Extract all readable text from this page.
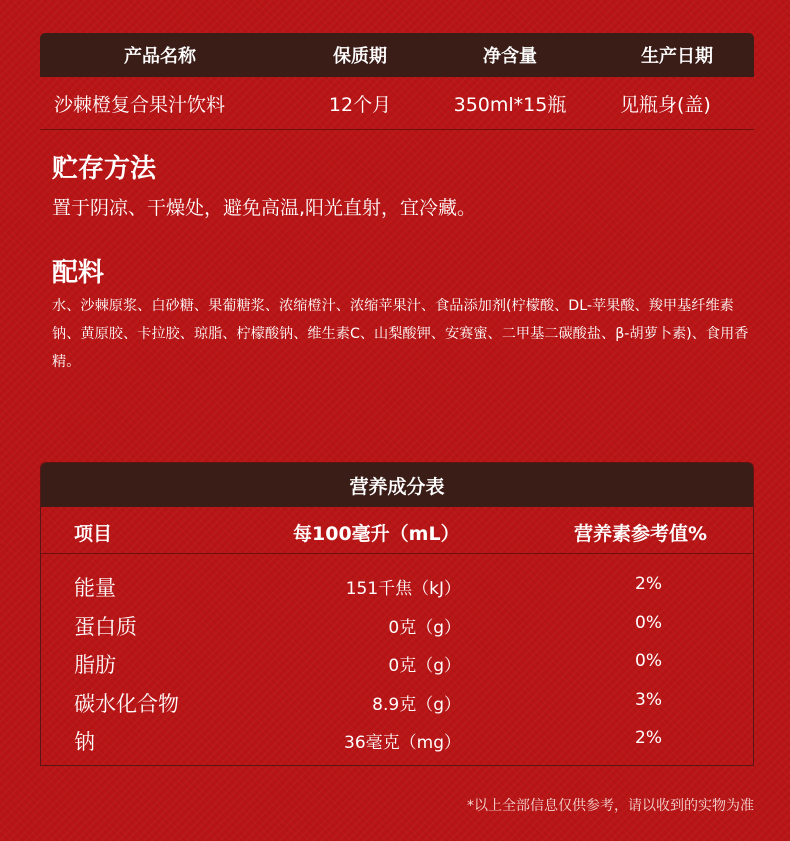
产品名称	保质期	净含量	生产日期
沙棘橙复合果汁饮料	12个月	350ml*15瓶	见瓶身(盖)
贮存方法
置于阴凉、干燥处，避免高温,阳光直射，宜冷藏。
配料
水、沙棘原浆、白砂糖、果葡糖浆、浓缩橙汁、浓缩苹果汁、食品添加剂(柠檬酸、DL-苹果酸、羧甲基纤维素钠、黄原胶、卡拉胶、琼脂、柠檬酸钠、维生素C、山梨酸钾、安赛蜜、二甲基二碳酸盐、β-胡萝卜素)、食用香精。
营养成分表
项目	每100毫升（mL）	营养素参考值%
能量	151千焦（kJ）	2%
蛋白质	0克（g）	0%
脂肪	0克（g）	0%
碳水化合物	8.9克（g）	3%
钠	36毫克（mg）	2%
*以上全部信息仅供参考，请以收到的实物为准
